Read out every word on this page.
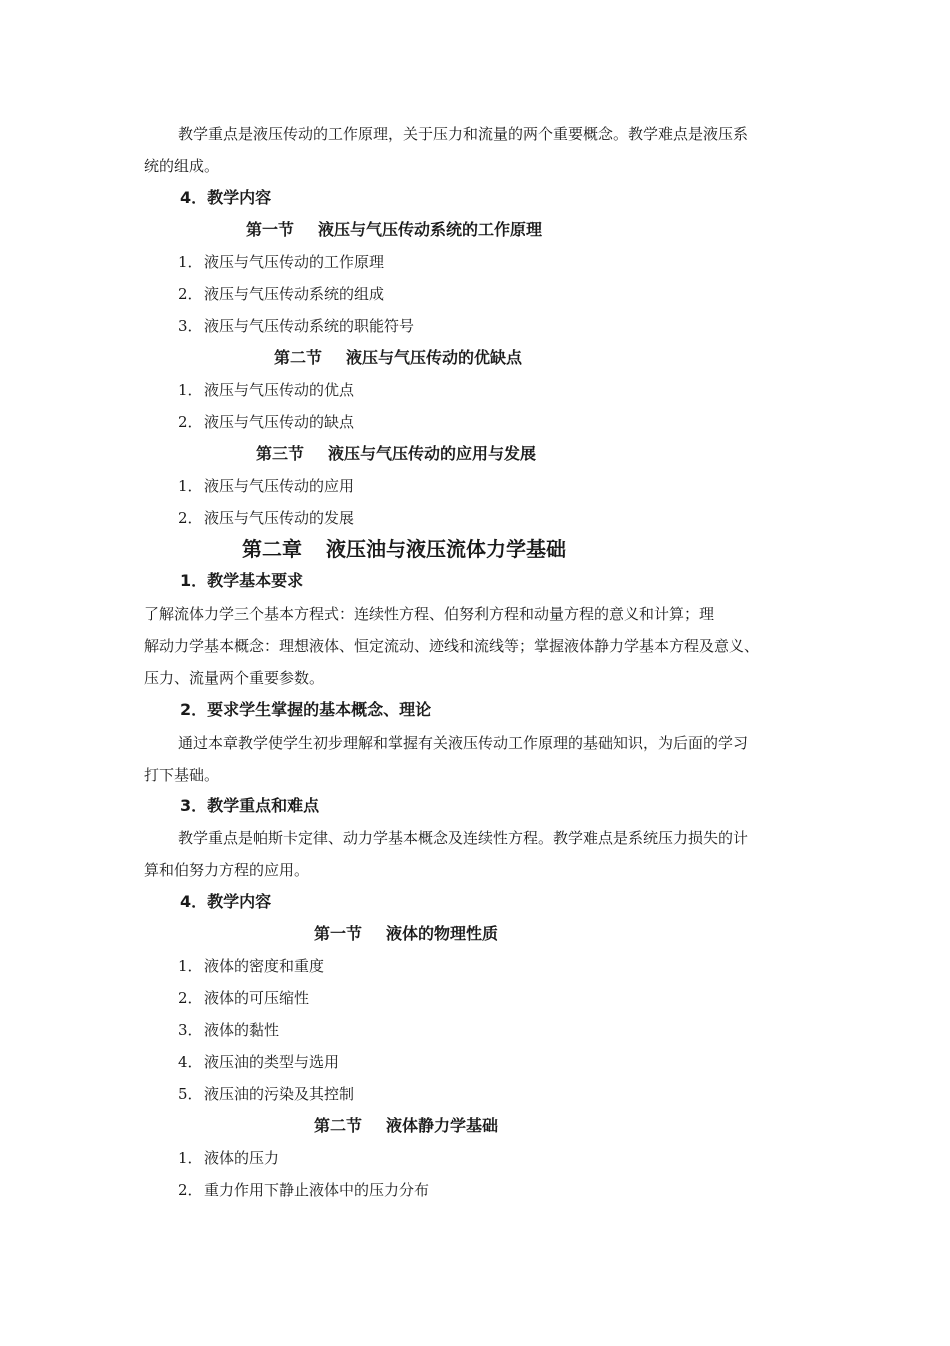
教学重点是液压传动的工作原理，关于压力和流量的两个重要概念。教学难点是液压系
统的组成。
4．教学内容
第一节 液压与气压传动系统的工作原理
1．液压与气压传动的工作原理
2．液压与气压传动系统的组成
3．液压与气压传动系统的职能符号
第二节 液压与气压传动的优缺点
1．液压与气压传动的优点
2．液压与气压传动的缺点
第三节 液压与气压传动的应用与发展
1．液压与气压传动的应用
2．液压与气压传动的发展
第二章 液压油与液压流体力学基础
1．教学基本要求
了解流体力学三个基本方程式：连续性方程、伯努利方程和动量方程的意义和计算；理
解动力学基本概念：理想液体、恒定流动、迹线和流线等；掌握液体静力学基本方程及意义、
压力、流量两个重要参数。
2．要求学生掌握的基本概念、理论
通过本章教学使学生初步理解和掌握有关液压传动工作原理的基础知识，为后面的学习
打下基础。
3．教学重点和难点
教学重点是帕斯卡定律、动力学基本概念及连续性方程。教学难点是系统压力损失的计
算和伯努力方程的应用。
4．教学内容
第一节 液体的物理性质
1．液体的密度和重度
2．液体的可压缩性
3．液体的黏性
4．液压油的类型与选用
5．液压油的污染及其控制
第二节 液体静力学基础
1．液体的压力
2．重力作用下静止液体中的压力分布
